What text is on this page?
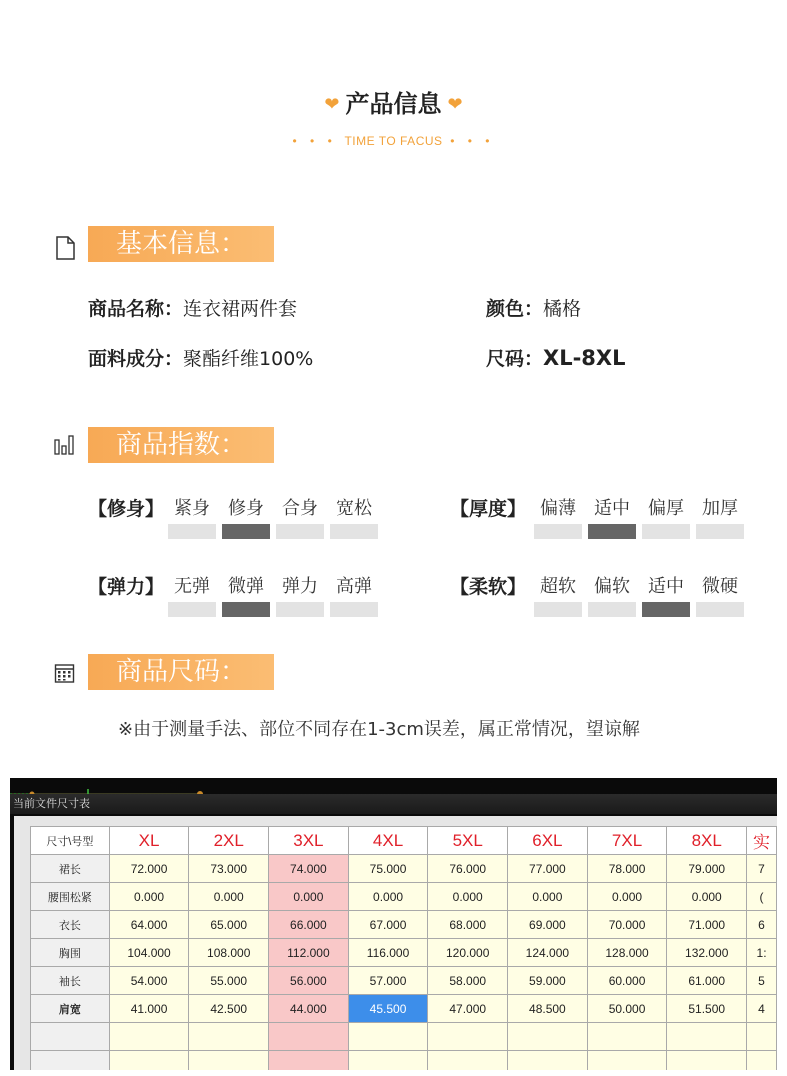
❤ 产品信息 ❤
• • • TIME TO FACUS • • •
基本信息：
商品名称：连衣裙两件套	颜色：橘格
面料成分：聚酯纤维100%	尺码：XL-8XL
商品指数：
【修身】 紧身	修身	合身	宽松	【厚度】 偏薄	适中	偏厚	加厚
【弹力】 无弹	微弹	弹力	高弹	【柔软】 超软	偏软	适中	微硬
商品尺码：
※由于测量手法、部位不同存在1-3cm误差，属正常情况，望谅解
当前文件尺寸表
尺寸\号型	XL	2XL	3XL	4XL	5XL	6XL	7XL	8XL	实
裙长	72.000	73.000	74.000	75.000	76.000	77.000	78.000	79.000	7
腰围松紧	0.000	0.000	0.000	0.000	0.000	0.000	0.000	0.000	(
衣长	64.000	65.000	66.000	67.000	68.000	69.000	70.000	71.000	6
胸围	104.000	108.000	112.000	116.000	120.000	124.000	128.000	132.000	1:
袖长	54.000	55.000	56.000	57.000	58.000	59.000	60.000	61.000	5
肩宽	41.000	42.500	44.000	45.500	47.000	48.500	50.000	51.500	4
